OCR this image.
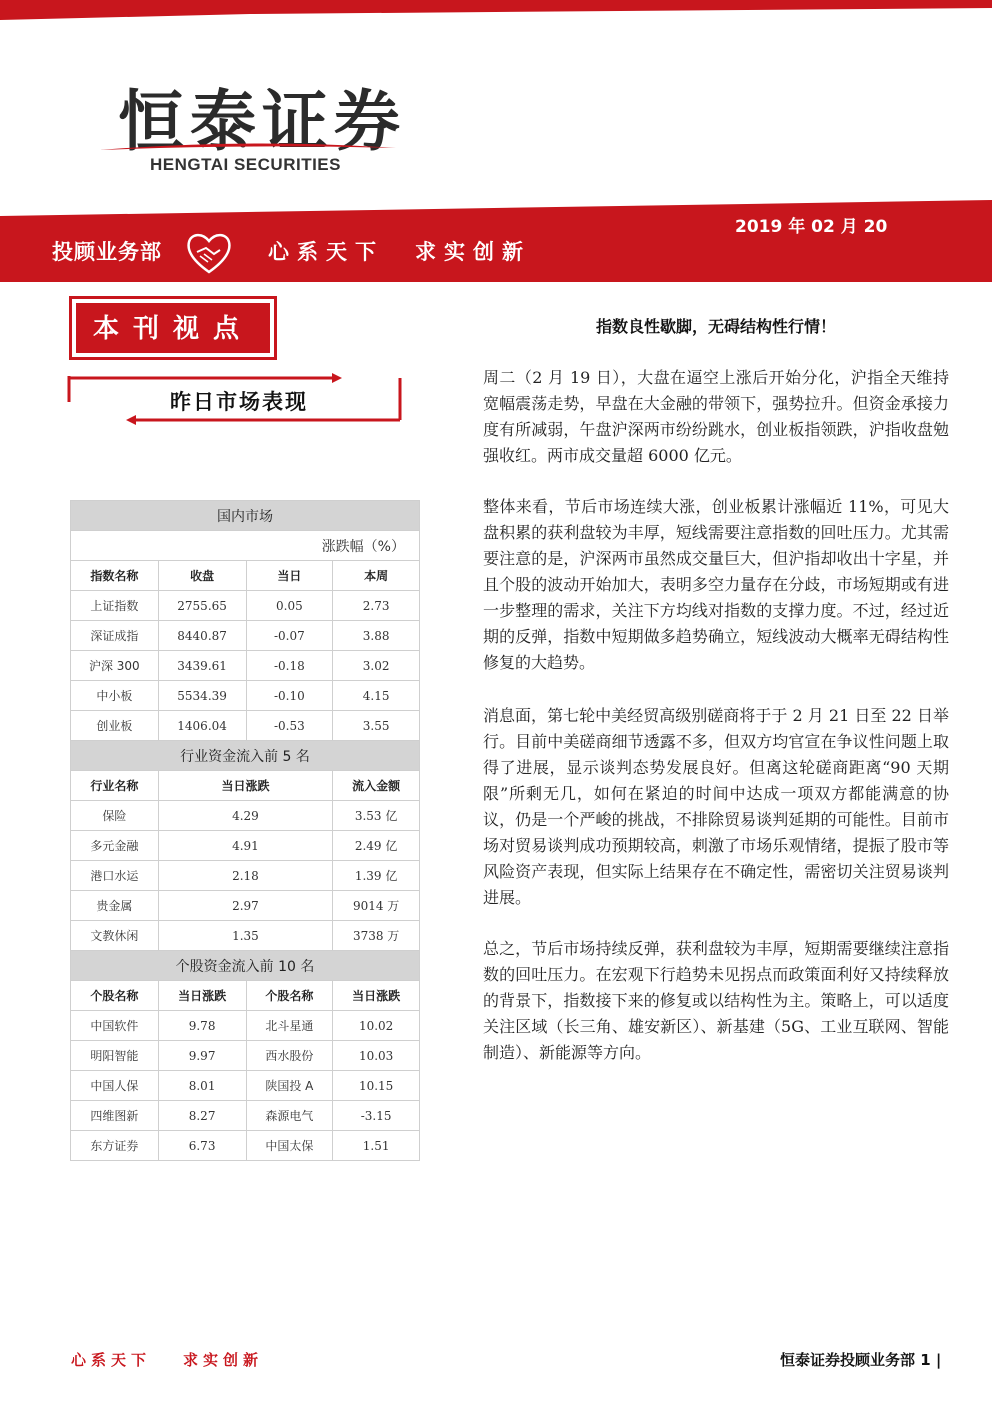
恒泰证券
HENGTAI SECURITIES
2019 年 02 月 20
投顾业务部	心系天下 求实创新
本刊视点
昨日市场表现
国内市场			
涨跌幅（%）			
指数名称	收盘	当日	本周
上证指数	2755.65	0.05	2.73
深证成指	8440.87	-0.07	3.88
沪深 300	3439.61	-0.18	3.02
中小板	5534.39	-0.10	4.15
创业板	1406.04	-0.53	3.55
行业资金流入前 5 名			
行业名称	当日涨跌		流入金额
保险	4.29		3.53 亿
多元金融	4.91		2.49 亿
港口水运	2.18		1.39 亿
贵金属	2.97		9014 万
文教休闲	1.35		3738 万
个股资金流入前 10 名			
个股名称	当日涨跌	个股名称	当日涨跌
中国软件	9.78	北斗星通	10.02
明阳智能	9.97	西水股份	10.03
中国人保	8.01	陕国投 A	10.15
四维图新	8.27	森源电气	-3.15
东方证券	6.73	中国太保	1.51
指数良性歇脚，无碍结构性行情！
周二（2 月 19 日），大盘在逼空上涨后开始分化，沪指全天维持宽幅震荡走势，早盘在大金融的带领下，强势拉升。但资金承接力度有所减弱，午盘沪深两市纷纷跳水，创业板指领跌，沪指收盘勉强收红。两市成交量超 6000 亿元。
整体来看，节后市场连续大涨，创业板累计涨幅近 11%，可见大盘积累的获利盘较为丰厚，短线需要注意指数的回吐压力。尤其需要注意的是，沪深两市虽然成交量巨大，但沪指却收出十字星，并且个股的波动开始加大，表明多空力量存在分歧，市场短期或有进一步整理的需求，关注下方均线对指数的支撑力度。不过，经过近期的反弹，指数中短期做多趋势确立，短线波动大概率无碍结构性修复的大趋势。
消息面，第七轮中美经贸高级别磋商将于于 2 月 21 日至 22 日举行。目前中美磋商细节透露不多，但双方均官宣在争议性问题上取得了进展，显示谈判态势发展良好。但离这轮磋商距离“90 天期限”所剩无几，如何在紧迫的时间中达成一项双方都能满意的协议，仍是一个严峻的挑战，不排除贸易谈判延期的可能性。目前市场对贸易谈判成功预期较高，刺激了市场乐观情绪，提振了股市等风险资产表现，但实际上结果存在不确定性，需密切关注贸易谈判进展。
总之，节后市场持续反弹，获利盘较为丰厚，短期需要继续注意指数的回吐压力。在宏观下行趋势未见拐点而政策面利好又持续释放的背景下，指数接下来的修复或以结构性为主。策略上，可以适度关注区域（长三角、雄安新区）、新基建（5G、工业互联网、智能制造）、新能源等方向。
心系天下 求实创新	恒泰证券投顾业务部 1 |
